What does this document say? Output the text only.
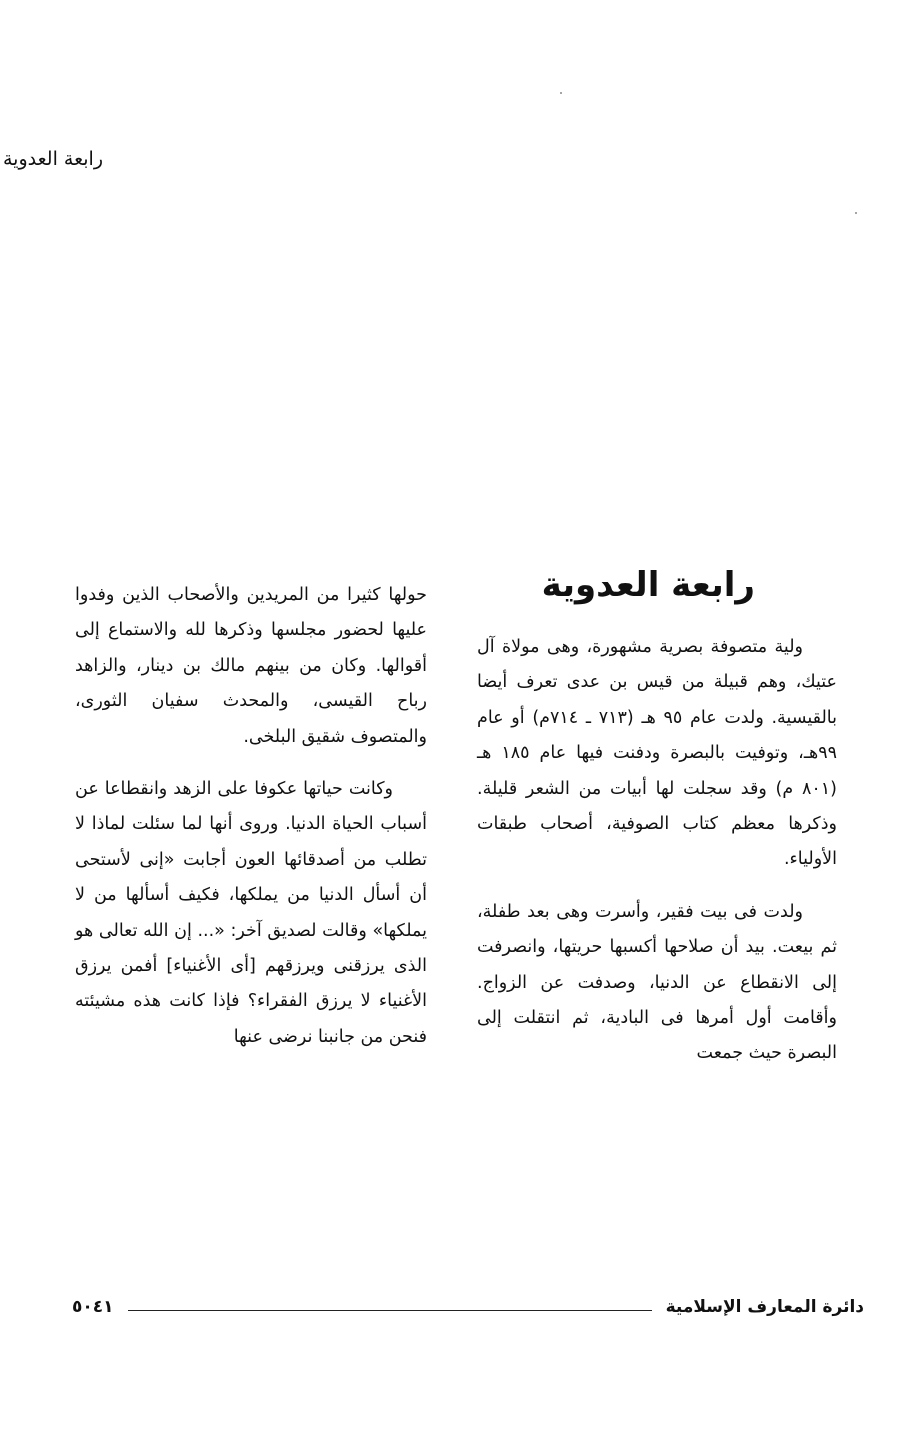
رابعة العدوية
رابعة العدوية

ولية متصوفة بصرية مشهورة، وهى مولاة آل عتيك، وهم قبيلة من قيس بن عدى تعرف أيضا بالقيسية. ولدت عام ٩٥ هـ (٧١٣ ـ ٧١٤م) أو عام ٩٩هـ، وتوفيت بالبصرة ودفنت فيها عام ١٨٥ هـ (٨٠١ م) وقد سجلت لها أبيات من الشعر قليلة. وذكرها معظم كتاب الصوفية، أصحاب طبقات الأولياء.

ولدت فى بيت فقير، وأسرت وهى بعد طفلة، ثم بيعت. بيد أن صلاحها أكسبها حريتها، وانصرفت إلى الانقطاع عن الدنيا، وصدفت عن الزواج. وأقامت أول أمرها فى البادية، ثم انتقلت إلى البصرة حيث جمعت

حولها كثيرا من المريدين والأصحاب الذين وفدوا عليها لحضور مجلسها وذكرها لله والاستماع إلى أقوالها. وكان من بينهم مالك بن دينار، والزاهد رباح القيسى، والمحدث سفيان الثورى، والمتصوف شقيق البلخى.

وكانت حياتها عكوفا على الزهد وانقطاعا عن أسباب الحياة الدنيا. وروى أنها لما سئلت لماذا لا تطلب من أصدقائها العون أجابت «إنى لأستحى أن أسأل الدنيا من يملكها، فكيف أسألها من لا يملكها» وقالت لصديق آخر: «... إن الله تعالى هو الذى يرزقنى ويرزقهم [أى الأغنياء] أفمن يرزق الأغنياء لا يرزق الفقراء؟ فإذا كانت هذه مشيئته فنحن من جانبنا نرضى عنها

دائرة المعارف الإسلامية
٥٠٤١
